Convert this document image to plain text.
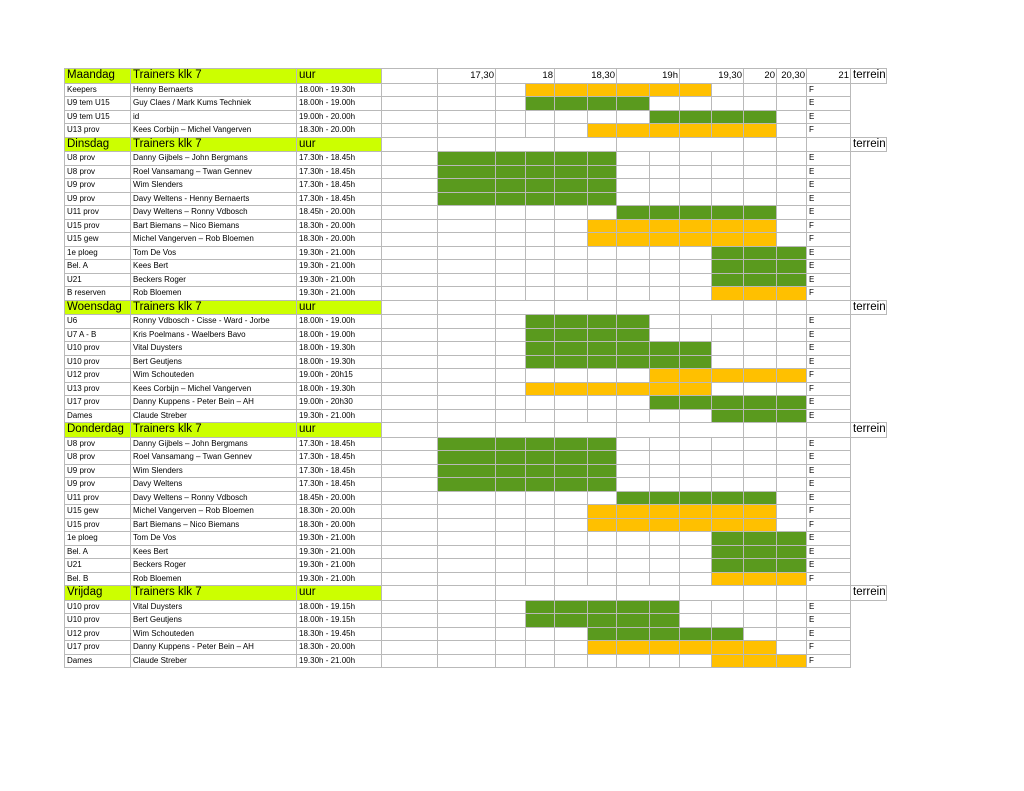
Maandag	Trainers klk 7	uur		17,30	18		18,30		19h		19,30		20	20,30	21	terrein
Keepers	Henny Bernaerts	18.00h - 19.30h													F	
U9 tem U15	Guy Claes / Mark Kums Techniek	18.00h - 19.00h													E	
U9 tem U15	id	19.00h - 20.00h													E	
U13 prov	Kees Corbijn – Michel Vangerven	18.30h - 20.00h													F	
Dinsdag	Trainers klk 7	uur														terrein
U8 prov	Danny Gijbels – John Bergmans	17.30h - 18.45h													E	
U8 prov	Roel Vansamang – Twan Gennev	17.30h - 18.45h													E	
U9 prov	Wim Slenders	17.30h - 18.45h													E	
U9 prov	Davy Weltens - Henny Bernaerts	17.30h - 18.45h													E	
U11 prov	Davy Weltens – Ronny Vdbosch	18.45h - 20.00h													E	
U15 prov	Bart Biemans – Nico Biemans	18.30h - 20.00h													F	
U15 gew	Michel Vangerven – Rob Bloemen	18.30h - 20.00h													F	
1e ploeg	Tom De Vos	19.30h - 21.00h													E	
Bel. A	Kees Bert	19.30h - 21.00h													E	
U21	Beckers Roger	19.30h - 21.00h													E	
B reserven	Rob Bloemen	19.30h - 21.00h													F	
Woensdag	Trainers klk 7	uur														terrein
U6	Ronny Vdbosch - Cisse - Ward - Jorbe	18.00h - 19.00h													E	
U7 A - B	Kris Poelmans - Waelbers Bavo	18.00h - 19.00h													E	
U10 prov	Vital Duysters	18.00h - 19.30h													E	
U10 prov	Bert Geutjens	18.00h - 19.30h													E	
U12 prov	Wim Schouteden	19.00h - 20h15													F	
U13 prov	Kees Corbijn – Michel Vangerven	18.00h - 19.30h													F	
U17 prov	Danny Kuppens - Peter Bein – AH	19.00h - 20h30													E	
Dames	Claude Streber	19.30h - 21.00h													E	
Donderdag	Trainers klk 7	uur														terrein
U8 prov	Danny Gijbels – John Bergmans	17.30h - 18.45h													E	
U8 prov	Roel Vansamang – Twan Gennev	17.30h - 18.45h													E	
U9 prov	Wim Slenders	17.30h - 18.45h													E	
U9 prov	Davy Weltens	17.30h - 18.45h													E	
U11 prov	Davy Weltens – Ronny Vdbosch	18.45h - 20.00h													E	
U15 gew	Michel Vangerven – Rob Bloemen	18.30h - 20.00h													F	
U15 prov	Bart Biemans – Nico Biemans	18.30h - 20.00h													F	
1e ploeg	Tom De Vos	19.30h - 21.00h													E	
Bel. A	Kees Bert	19.30h - 21.00h													E	
U21	Beckers Roger	19.30h - 21.00h													E	
Bel. B	Rob Bloemen	19.30h - 21.00h													F	
Vrijdag	Trainers klk 7	uur														terrein
U10 prov	Vital Duysters	18.00h - 19.15h													E	
U10 prov	Bert Geutjens	18.00h - 19.15h													E	
U12 prov	Wim Schouteden	18.30h - 19.45h													E	
U17 prov	Danny Kuppens - Peter Bein – AH	18.30h - 20.00h													F	
Dames	Claude Streber	19.30h - 21.00h													F	
